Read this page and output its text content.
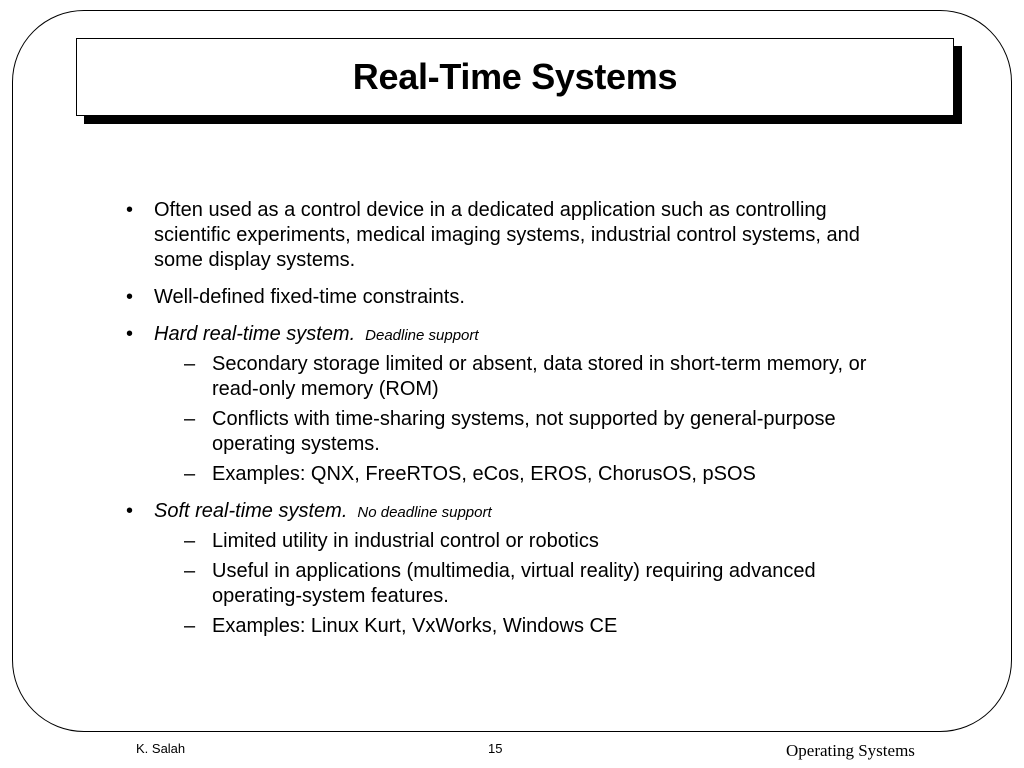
Real-Time Systems
• Often used as a control device in a dedicated application such as controlling scientific experiments, medical imaging systems, industrial control systems, and some display systems.
• Well-defined fixed-time constraints.
• Hard real-time system. Deadline support
– Secondary storage limited or absent, data stored in short-term memory, or read-only memory (ROM)
– Conflicts with time-sharing systems, not supported by general-purpose operating systems.
– Examples: QNX, FreeRTOS, eCos, EROS, ChorusOS, pSOS
• Soft real-time system. No deadline support
– Limited utility in industrial control or robotics
– Useful in applications (multimedia, virtual reality) requiring advanced operating-system features.
– Examples: Linux Kurt, VxWorks, Windows CE
K. Salah	15	Operating Systems
